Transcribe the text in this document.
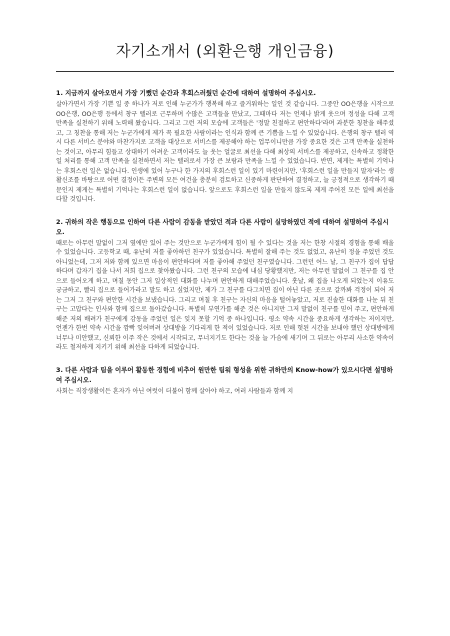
자기소개서 (외환은행 개인금융)

1. 지금까지 살아오면서 가장 기뻤던 순간과 후회스러웠던 순간에 대하여 설명하여 주십시오.

살아가면서 가장 기쁜 일 중 하나가 저로 인해 누군가가 행복해 하고 즐거워하는 일인 것 같습니다. 그중안 OO은행을 시작으로 OO은행, OO은행 등에서 창구 텔러로 근무하며 수많은 고객들을 만났고, 그때마다 저는 언제나 밝게 웃으며 정성을 다해 고객 만족을 실천하기 위해 노력해 왔습니다. 그리고 그런 저의 모습에 고객들은 '정말 친절하고 편안하다'라며 과분한 칭찬을 해주셨고, 그 칭찬을 통해 저는 누군가에게 제가 꼭 필요한 사람이라는 인식과 함께 큰 기쁨을 느낄 수 있었습니다. 은행의 창구 텔러 역시 다른 서비스 분야와 마찬가지로 고객을 대상으로 서비스를 제공해야 하는 업무이니만큼 가장 중요한 것은 고객 만족을 실천하는 것이고, 아무리 힘들고 상대하기 어려운 고객이라도 늘 웃는 얼굴로 최선을 다해 최상의 서비스를 제공하고, 신속하고 정확한 일 처리를 통해 고객 만족을 실천하면서 저는 텔러로서 가장 큰 보람과 만족을 느낄 수 있었습니다. 반면, 제게는 특별히 기억나는 후회스런 일은 없습니다. 인생에 있어 누구나 한 가지의 후회스런 일이 있기 마련이지만, '후회스런 일을 만들지 말자'라는 생활신조를 바탕으로 어떤 결정이든 주변의 모든 여건을 충분히 검토하고 신중하게 판단하여 결정하고, 늘 긍정적으로 생각하기 때문인지 제게는 특별히 기억나는 후회스런 일이 없습니다. 앞으로도 후회스런 일을 만들지 않도록 제게 주어진 모든 일에 최선을 다할 것입니다.

2. 귀하의 작은 행동으로 인하여 다른 사람이 감동을 받았던 적과 다른 사람이 실망하였던 적에 대하여 설명하여 주십시오.

때로는 아무런 말없이 그저 옆에만 있어 주는 것만으로 누군가에게 힘이 될 수 있다는 것을 저는 한창 시절의 경험을 통해 배울 수 있었습니다. 고등학교 때, 유난히 저를 좋아하던 친구가 있었습니다. 특별히 잘해 주는 것도 없었고, 유난히 정을 주었던 것도 아니었는데, 그저 저와 함께 있으면 마음이 편안하다며 저를 좋아해 주었던 친구였습니다. 그런던 어느 날, 그 친구가 집이 답답하다며 갑자기 집을 나서 저희 집으로 찾아왔습니다. 그런 친구의 모습에 내심 당황했지만, 저는 아무런 말없이 그 친구를 집 안으로 들어오게 하고, 며칠 동안 그저 일상적인 대화를 나누며 편안하게 대해주었습니다. 훗날, 왜 집을 나오게 되었는지 이유도 궁금하고, 빨리 집으로 들어가라고 말도 하고 싶었지만, 제가 그 친구를 다그치면 집이 아닌 다른 곳으로 갈까봐 걱정이 되어 저는 그저 그 친구와 편안한 시간을 보냈습니다. 그리고 며칠 후 친구는 자신의 마음을 털어놓았고, 저로 진솔한 대화를 나눈 뒤 친구는 고맙다는 인사와 함께 집으로 돌아갔습니다. 특별히 부연가를 해준 것은 아니지만 그저 말없이 친구를 믿어 주고, 편안하게 해준 저의 배려가 친구에게 감동을 주었던 일은 잊지 못할 기억 중 하나입니다. 평소 약속 시간을 중요하게 생각하는 저이지만, 언젠가 한번 약속 시간을 깜빡 잊어버려 상대방을 기다리게 한 적이 있었습니다. 저로 인해 헛된 시간을 보내야 했던 상대방에게 너무나 미안했고, 신뢰한 이주 작은 것에서 시작되고, 무너지기도 한다는 것을 늘 가슴에 새기며 그 뒤로는 아무리 사소한 약속이라도 철저하게 지키기 위해 최선을 다하게 되었습니다.

3. 다른 사람과 팀을 이루어 활동한 경험에 비추어 원만한 팀워 형성을 위한 귀하만의 Know-how가 있으시다면 설명하여 주십시오.

사회는 직장생활이든 혼자가 아닌 여럿이 더불어 함께 살아야 하고, 여러 사람들과 함께 지
